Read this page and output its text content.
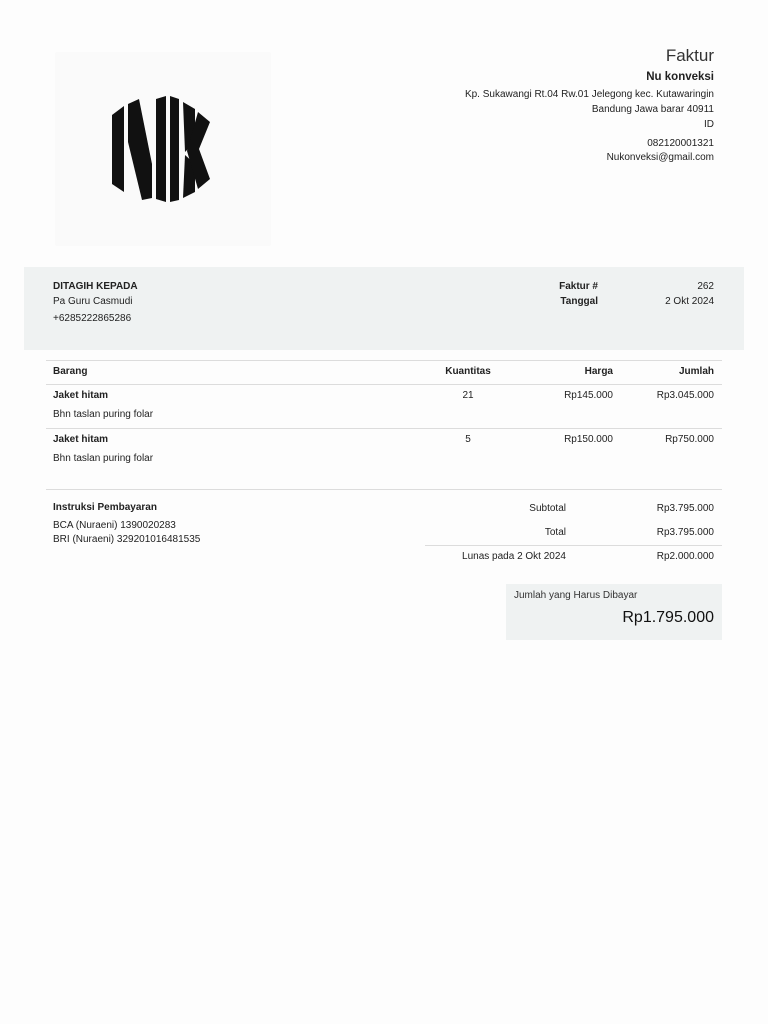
Faktur
Nu konveksi
Kp. Sukawangi Rt.04 Rw.01 Jelegong kec. Kutawaringin
Bandung Jawa barar 40911
ID
082120001321
Nukonveksi@gmail.com
DITAGIH KEPADA
Pa Guru Casmudi
+6285222865286
Faktur #	262
Tanggal	2 Okt 2024
Barang	Kuantitas	Harga	Jumlah
Jaket hitam
Bhn taslan puring folar
21	Rp145.000	Rp3.045.000
Jaket hitam
Bhn taslan puring folar
5	Rp150.000	Rp750.000
Instruksi Pembayaran
BCA (Nuraeni) 1390020283
BRI (Nuraeni) 329201016481535
Subtotal	Rp3.795.000
Total	Rp3.795.000
Lunas pada 2 Okt 2024	Rp2.000.000
Jumlah yang Harus Dibayar
Rp1.795.000
